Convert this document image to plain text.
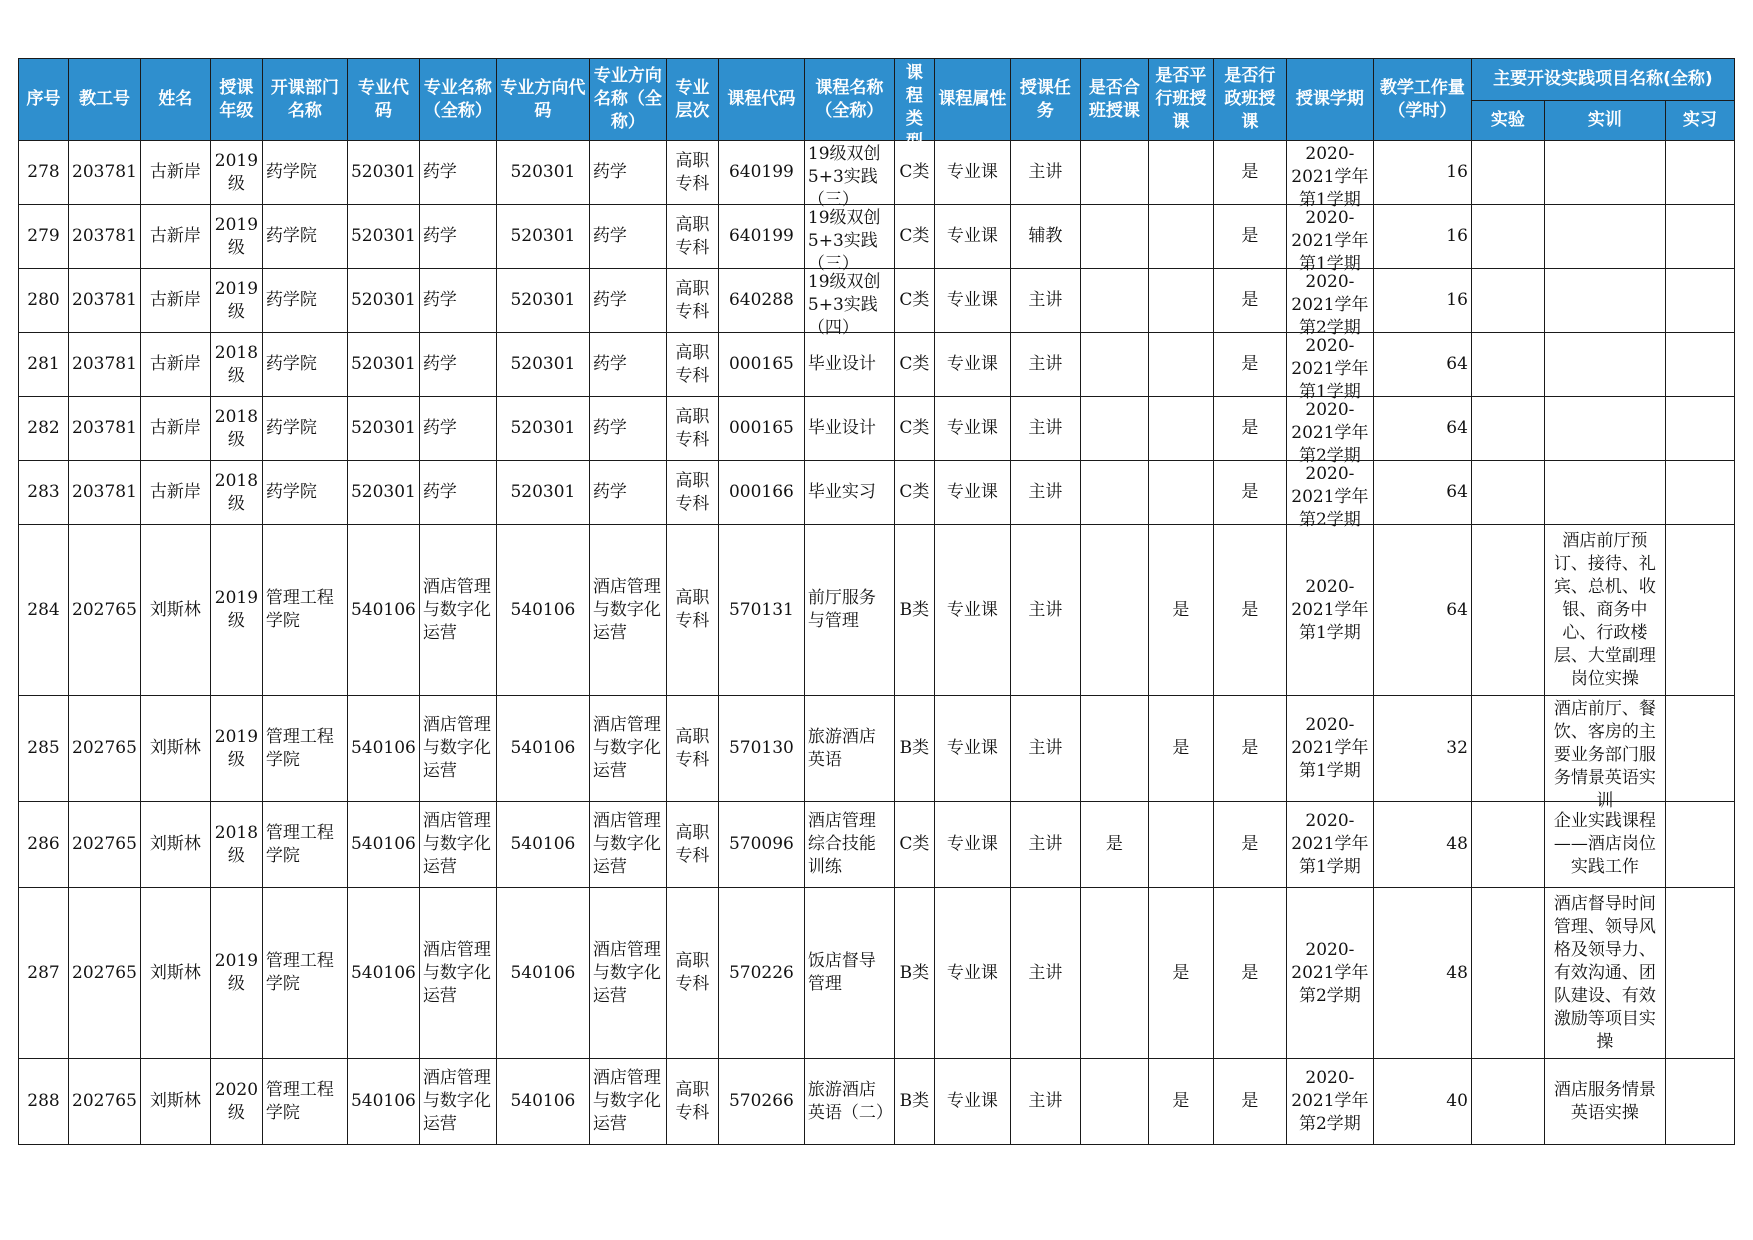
序号	教工号	姓名	授课年级	开课部门名称	专业代码	专业名称（全称）	专业方向代码	专业方向名称（全称）	专业层次	课程代码	课程名称（全称）	课程类型	课程属性	授课任务	是否合班授课	是否平行班授课	是否行政班授课	授课学期	教学工作量（学时）	主要开设实践项目名称(全称)		

																				实验	实训	实习

278	203781	古新岸	2019级	药学院	520301	药学	520301	药学	高职专科	640199	19级双创5+3实践（三）	C类	专业课	主讲			是	2020-2021学年第1学期	16			

279	203781	古新岸	2019级	药学院	520301	药学	520301	药学	高职专科	640199	19级双创5+3实践（三）	C类	专业课	辅教			是	2020-2021学年第1学期	16			

280	203781	古新岸	2019级	药学院	520301	药学	520301	药学	高职专科	640288	19级双创5+3实践（四）	C类	专业课	主讲			是	2020-2021学年第2学期	16			

281	203781	古新岸	2018级	药学院	520301	药学	520301	药学	高职专科	000165	毕业设计	C类	专业课	主讲			是	2020-2021学年第1学期	64			

282	203781	古新岸	2018级	药学院	520301	药学	520301	药学	高职专科	000165	毕业设计	C类	专业课	主讲			是	2020-2021学年第2学期	64			

283	203781	古新岸	2018级	药学院	520301	药学	520301	药学	高职专科	000166	毕业实习	C类	专业课	主讲			是	2020-2021学年第2学期	64			

284	202765	刘斯林	2019级	管理工程学院	540106	酒店管理与数字化运营	540106	酒店管理与数字化运营	高职专科	570131	前厅服务与管理	B类	专业课	主讲		是	是	2020-2021学年第1学期	64		酒店前厅预订、接待、礼宾、总机、收银、商务中心、行政楼层、大堂副理岗位实操	

285	202765	刘斯林	2019级	管理工程学院	540106	酒店管理与数字化运营	540106	酒店管理与数字化运营	高职专科	570130	旅游酒店英语	B类	专业课	主讲		是	是	2020-2021学年第1学期	32		酒店前厅、餐饮、客房的主要业务部门服务情景英语实训	

286	202765	刘斯林	2018级	管理工程学院	540106	酒店管理与数字化运营	540106	酒店管理与数字化运营	高职专科	570096	酒店管理综合技能训练	C类	专业课	主讲	是		是	2020-2021学年第1学期	48		企业实践课程——酒店岗位实践工作	

287	202765	刘斯林	2019级	管理工程学院	540106	酒店管理与数字化运营	540106	酒店管理与数字化运营	高职专科	570226	饭店督导管理	B类	专业课	主讲		是	是	2020-2021学年第2学期	48		酒店督导时间管理、领导风格及领导力、有效沟通、团队建设、有效激励等项目实操	

288	202765	刘斯林	2020级	管理工程学院	540106	酒店管理与数字化运营	540106	酒店管理与数字化运营	高职专科	570266	旅游酒店英语（二）	B类	专业课	主讲		是	是	2020-2021学年第2学期	40		酒店服务情景英语实操	
